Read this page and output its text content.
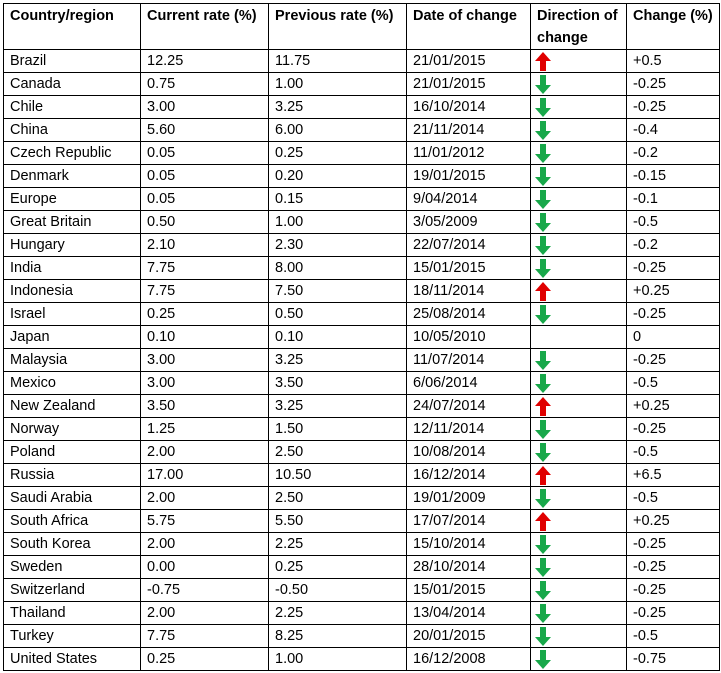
Country/region	Current rate (%)	Previous rate (%)	Date of change	Direction of change	Change (%)
Brazil	12.25	11.75	21/01/2015		+0.5
Canada	0.75	1.00	21/01/2015		-0.25
Chile	3.00	3.25	16/10/2014		-0.25
China	5.60	6.00	21/11/2014		-0.4
Czech Republic	0.05	0.25	11/01/2012		-0.2
Denmark	0.05	0.20	19/01/2015		-0.15
Europe	0.05	0.15	9/04/2014		-0.1
Great Britain	0.50	1.00	3/05/2009		-0.5
Hungary	2.10	2.30	22/07/2014		-0.2
India	7.75	8.00	15/01/2015		-0.25
Indonesia	7.75	7.50	18/11/2014		+0.25
Israel	0.25	0.50	25/08/2014		-0.25
Japan	0.10	0.10	10/05/2010		0
Malaysia	3.00	3.25	11/07/2014		-0.25
Mexico	3.00	3.50	6/06/2014		-0.5
New Zealand	3.50	3.25	24/07/2014		+0.25
Norway	1.25	1.50	12/11/2014		-0.25
Poland	2.00	2.50	10/08/2014		-0.5
Russia	17.00	10.50	16/12/2014		+6.5
Saudi Arabia	2.00	2.50	19/01/2009		-0.5
South Africa	5.75	5.50	17/07/2014		+0.25
South Korea	2.00	2.25	15/10/2014		-0.25
Sweden	0.00	0.25	28/10/2014		-0.25
Switzerland	-0.75	-0.50	15/01/2015		-0.25
Thailand	2.00	2.25	13/04/2014		-0.25
Turkey	7.75	8.25	20/01/2015		-0.5
United States	0.25	1.00	16/12/2008		-0.75
